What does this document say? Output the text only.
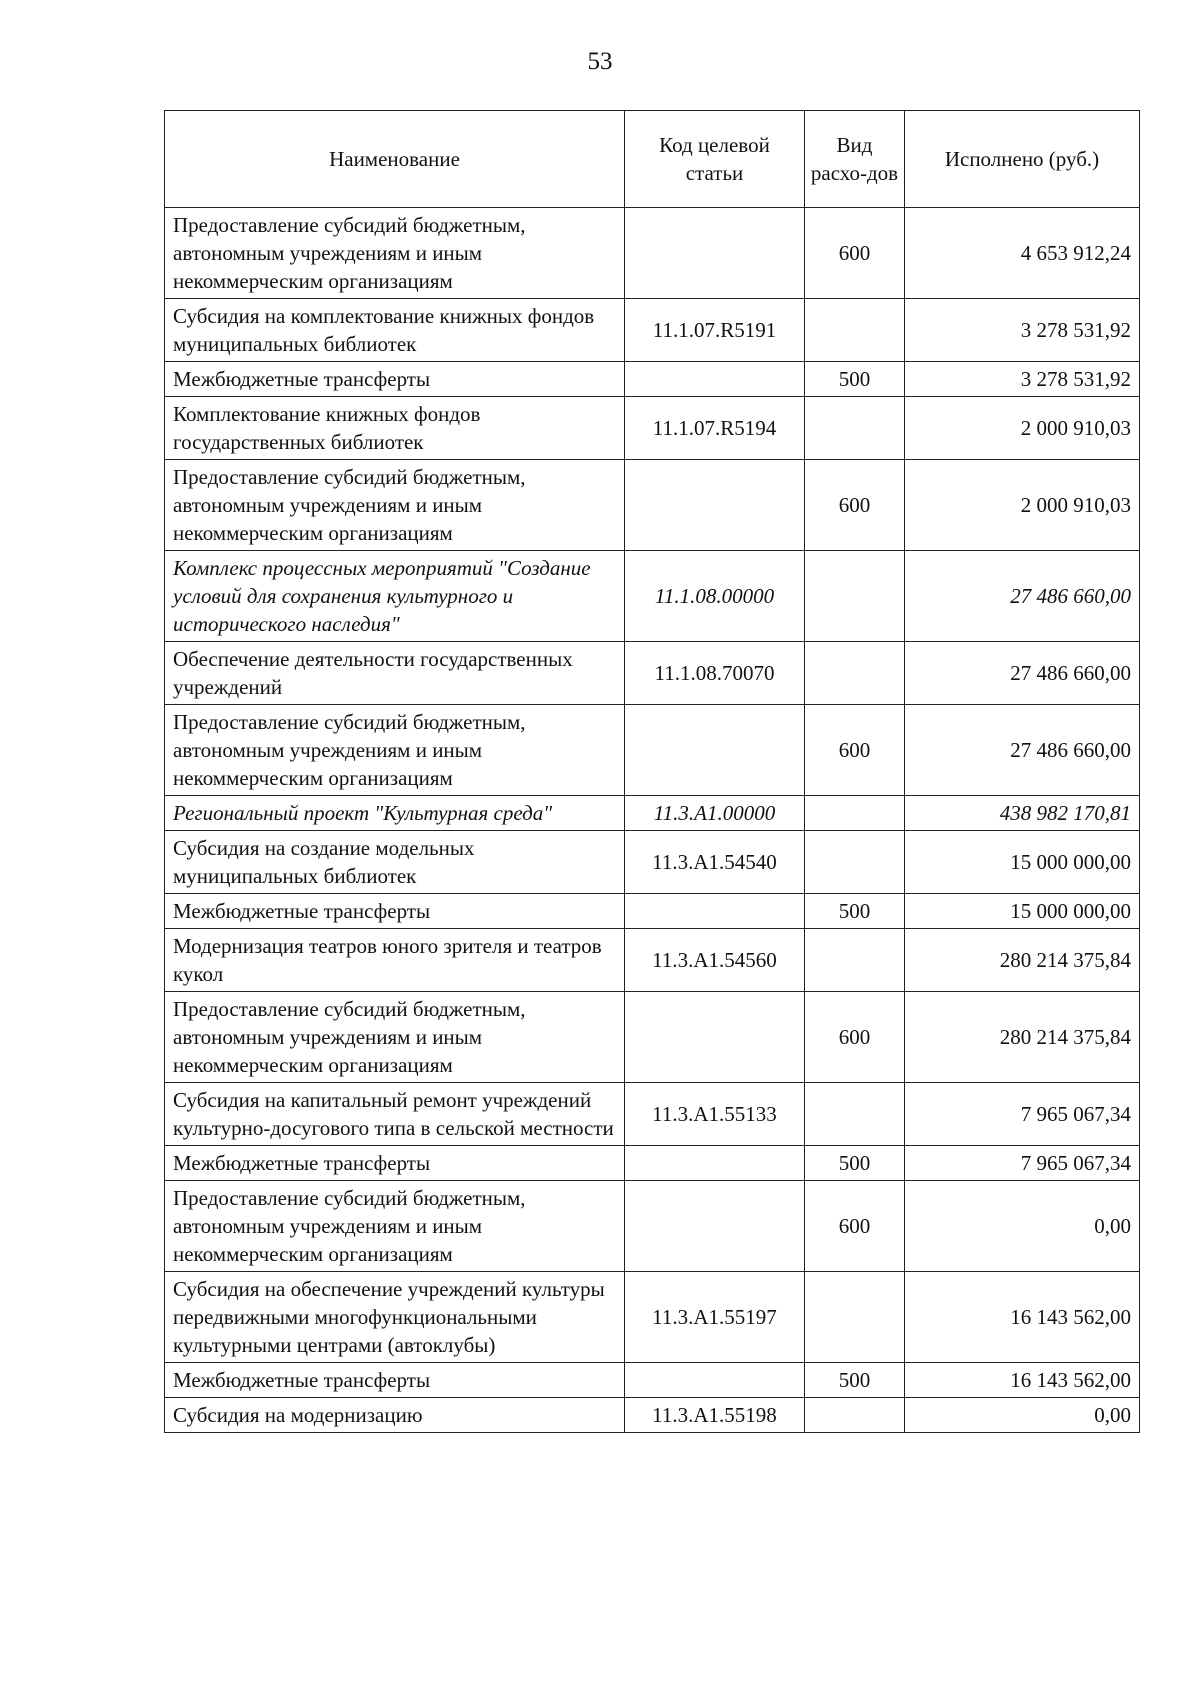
53
Наименование	Код целевой статьи	Вид расхо-дов	Исполнено (руб.)
Предоставление субсидий бюджетным, автономным учреждениям и иным некоммерческим организациям		600	4 653 912,24
Субсидия на комплектование книжных фондов муниципальных библиотек	11.1.07.R5191		3 278 531,92
Межбюджетные трансферты		500	3 278 531,92
Комплектование книжных фондов государственных библиотек	11.1.07.R5194		2 000 910,03
Предоставление субсидий бюджетным, автономным учреждениям и иным некоммерческим организациям		600	2 000 910,03
Комплекс процессных мероприятий "Создание условий для сохранения культурного и исторического наследия"	11.1.08.00000		27 486 660,00
Обеспечение деятельности государственных учреждений	11.1.08.70070		27 486 660,00
Предоставление субсидий бюджетным, автономным учреждениям и иным некоммерческим организациям		600	27 486 660,00
Региональный проект "Культурная среда"	11.3.А1.00000		438 982 170,81
Субсидия на создание модельных муниципальных библиотек	11.3.А1.54540		15 000 000,00
Межбюджетные трансферты		500	15 000 000,00
Модернизация театров юного зрителя и театров кукол	11.3.А1.54560		280 214 375,84
Предоставление субсидий бюджетным, автономным учреждениям и иным некоммерческим организациям		600	280 214 375,84
Субсидия на капитальный ремонт учреждений культурно-досугового типа в сельской местности	11.3.А1.55133		7 965 067,34
Межбюджетные трансферты		500	7 965 067,34
Предоставление субсидий бюджетным, автономным учреждениям и иным некоммерческим организациям		600	0,00
Субсидия на обеспечение учреждений культуры передвижными многофункциональными культурными центрами (автоклубы)	11.3.А1.55197		16 143 562,00
Межбюджетные трансферты		500	16 143 562,00
Субсидия на модернизацию	11.3.А1.55198		0,00
